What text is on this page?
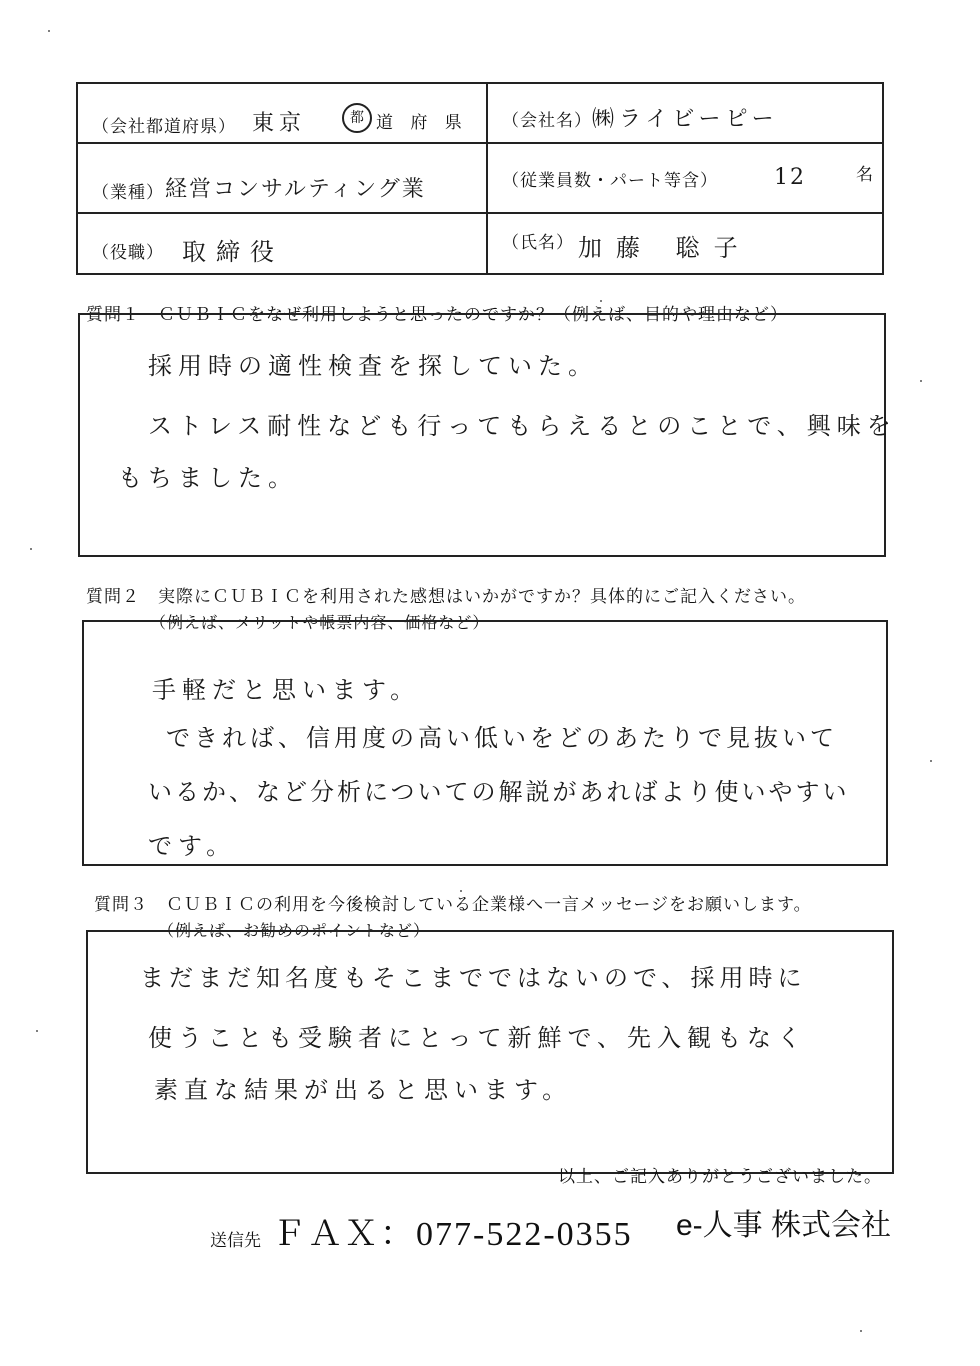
（会社都道府県） 東京	都 道 府 県 （会社名） ㈱ライビーピー
（業種） 経営コンサルティング業	（従業員数・パート等含）	12	名
（役職） 取締役	（氏名） 加藤 聡子
質問１　ＣＵＢＩＣをなぜ利用しようと思ったのですか？（例えば、目的や理由など）
採用時の適性検査を探していた。
ストレス耐性なども行ってもらえるとのことで、興味を
もちました。
質問２　実際にＣＵＢＩＣを利用された感想はいかがですか？具体的にご記入ください。
（例えば、メリットや帳票内容、価格など）
手軽だと思います。
できれば、信用度の高い低いをどのあたりで見抜いて
いるか、など分析についての解説があればより使いやすい
です。
質問３　ＣＵＢＩＣの利用を今後検討している企業様へ一言メッセージをお願いします。
（例えば、お勧めのポイントなど）
まだまだ知名度もそこまでではないので、採用時に
使うことも受験者にとって新鮮で、先入観もなく
素直な結果が出ると思います。
以上、ご記入ありがとうございました。
送信先 ＦＡＸ：077-522-0355 e-人事 株式会社
